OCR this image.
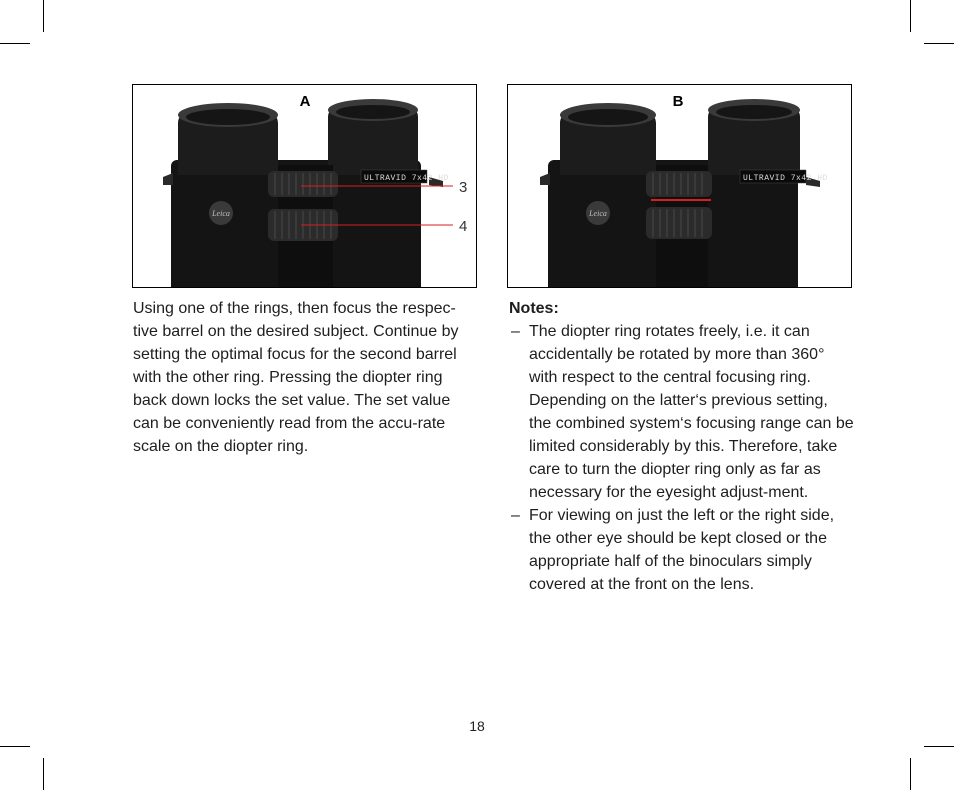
ULTRAVID 7x42 HD
Leica
3
4
A
ULTRAVID 7x42 HD
Leica
B

Using one of the rings, then focus the respec-tive barrel on the desired subject. Continue by setting the optimal focus for the second barrel with the other ring. Pressing the diopter ring back down locks the set value. The set value can be conveniently read from the accu-rate scale on the diopter ring.

Notes:
– The diopter ring rotates freely, i.e. it can accidentally be rotated by more than 360° with respect to the central focusing ring. Depending on the latter‘s previous setting, the combined system‘s focusing range can be limited considerably by this. Therefore, take care to turn the diopter ring only as far as necessary for the eyesight adjust-ment.
– For viewing on just the left or the right side, the other eye should be kept closed or the appropriate half of the binoculars simply covered at the front on the lens.
18
